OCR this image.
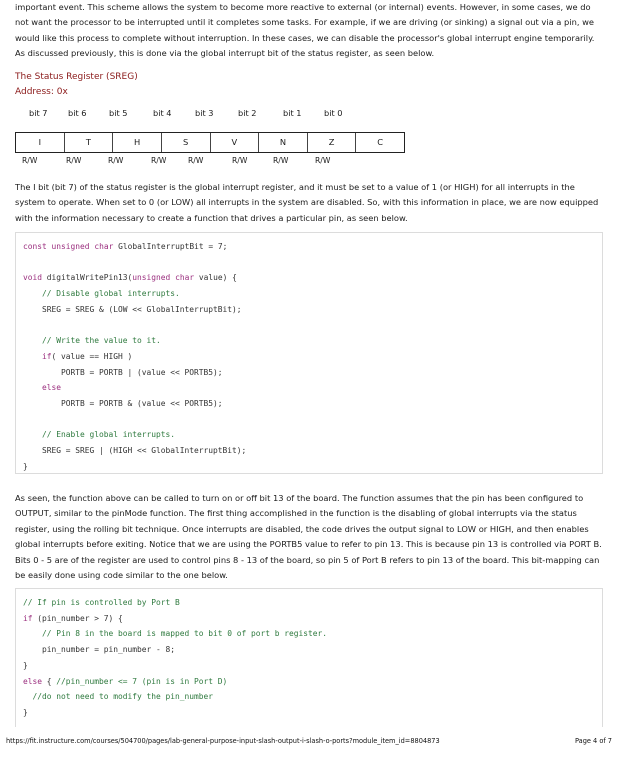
important event. This scheme allows the system to become more reactive to external (or internal) events. However, in some cases, we do not want the processor to be interrupted until it completes some tasks. For example, if we are driving (or sinking) a signal out via a pin, we would like this process to complete without interruption. In these cases, we can disable the processor's global interrupt engine temporarily. As discussed previously, this is done via the global interrupt bit of the status register, as seen below.

The Status Register (SREG)
Address: 0x
bit 7	bit 6	bit 5	bit 4	bit 3	bit 2	bit 1	bit 0
I	T	H	S	V	N	Z	C
R/W	R/W	R/W	R/W	R/W	R/W	R/W	R/W

The I bit (bit 7) of the status register is the global interrupt register, and it must be set to a value of 1 (or HIGH) for all interrupts in the system to operate. When set to 0 (or LOW) all interrupts in the system are disabled. So, with this information in place, we are now equipped with the information necessary to create a function that drives a particular pin, as seen below.

const unsigned char GlobalInterruptBit = 7;
void digitalWritePin13(unsigned char value) {
// Disable global interrupts.
SREG = SREG & (LOW << GlobalInterruptBit);
// Write the value to it.
if( value == HIGH )
PORTB = PORTB | (value << PORTB5);
else
PORTB = PORTB & (value << PORTB5);
// Enable global interrupts.
SREG = SREG | (HIGH << GlobalInterruptBit);
}

As seen, the function above can be called to turn on or off bit 13 of the board. The function assumes that the pin has been configured to OUTPUT, similar to the pinMode function. The first thing accomplished in the function is the disabling of global interrupts via the status register, using the rolling bit technique. Once interrupts are disabled, the code drives the output signal to LOW or HIGH, and then enables global interrupts before exiting. Notice that we are using the PORTB5 value to refer to pin 13. This is because pin 13 is controlled via PORT B. Bits 0 - 5 are of the register are used to control pins 8 - 13 of the board, so pin 5 of Port B refers to pin 13 of the board. This bit-mapping can be easily done using code similar to the one below.

// If pin is controlled by Port B
if (pin_number > 7) {
// Pin 8 in the board is mapped to bit 0 of port b register.
pin_number = pin_number - 8;
}
else { //pin_number <= 7 (pin is in Port D)
//do not need to modify the pin_number
}
https://fit.instructure.com/courses/504700/pages/lab-general-purpose-input-slash-output-i-slash-o-ports?module_item_id=8804873	Page 4 of 7
